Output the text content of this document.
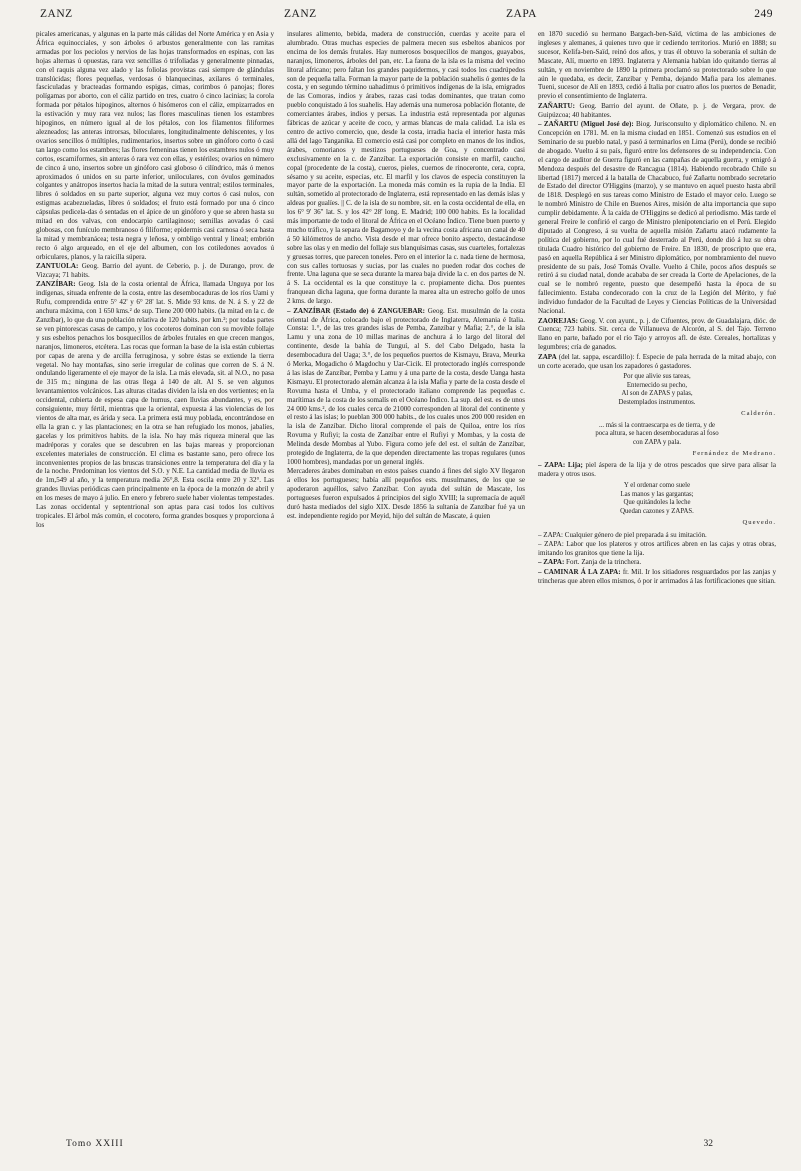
ZANZ	ZANZ	ZAPA	249

picales americanas, y algunas en la parte más cálidas del Norte América y en Asia y África equinocciales, y son árboles ó arbustos generalmente con las ramitas armadas por los peciolos y nervios de las hojas transformados en espinas, con las hojas alternas ú opuestas, rara vez sencillas ó trifoliadas y generalmente pinnadas, con el raquis alguna vez alado y las foliolas provistas casi siempre de glándulas translúcidas; flores pequeñas, verdosas ó blanquecinas, axilares ó terminales, fasciculadas y bracteadas formando espigas, cimas, corimbos ó panojas; flores polígamas por aborto, con el cáliz partido en tres, cuatro ó cinco lacinias; la corola formada por pétalos hipoginos, alternos ó hisómeros con el cáliz, empizarrados en la estivación y muy rara vez nulos; las flores masculinas tienen los estambres hipoginos, en número igual al de los pétalos, con los filamentos filiformes alezneados; las anteras introrsas, biloculares, longitudinalmente dehiscentes, y los ovarios sencillos ó múltiples, rudimentarios, insertos sobre un ginóforo corto ó casi tan largo como los estambres; las flores femeninas tienen los estambres nulos ó muy cortos, escamiformes, sin anteras ó rara vez con ellas, y estériles; ovarios en número de cinco á uno, insertos sobre un ginóforo casi globoso ó cilíndrico, más ó menos aproximados ó unidos en su parte inferior, uniloculares, con óvulos geminados colgantes y anátropos insertos hacia la mitad de la sutura ventral; estilos terminales, libres ó soldados en su parte superior, alguna vez muy cortos ó casi nulos, con estigmas acabezueladas, libres ó soldados; el fruto está formado por una ó cinco cápsulas pedicela-das ó sentadas en el ápice de un ginóforo y que se abren hasta su mitad en dos valvas, con endocarpio cartilaginoso; semillas aovadas ó casi globosas, con funículo membranoso ó filiforme; epidermis casi carnosa ó seca hasta la mitad y membranácea; testa negra y leñosa, y ombligo ventral y lineal; embrión recto ó algo arqueado, en el eje del albumen, con los cotiledones aovados ú orbiculares, planos, y la raicilla súpera.

ZANTUOLA: Geog. Barrio del ayunt. de Ceberio, p. j. de Durango, prov. de Vizcaya; 71 habits.

ZANZÍBAR: Geog. Isla de la costa oriental de África, llamada Unguya por los indígenas, situada enfrente de la costa, entre las desembocaduras de los ríos Uami y Rufu, comprendida entre 5° 42' y 6° 28' lat. S. Mide 93 kms. de N. á S. y 22 de anchura máxima, con 1 650 kms.² de sup. Tiene 200 000 habits. (la mitad en la c. de Zanzíbar), lo que da una población relativa de 120 habits. por km.²; por todas partes se ven pintorescas casas de campo, y los cocoteros dominan con su movible follaje y sus esbeltos penachos los bosquecillos de árboles frutales en que crecen mangos, naranjos, limoneros, etcétera. Las rocas que forman la base de la isla están cubiertas por capas de arena y de arcilla ferruginosa, y sobre éstas se extiende la tierra vegetal. No hay montañas, sino serie irregular de colinas que corren de S. á N. ondulando ligeramente el eje mayor de la isla. La más elevada, sit. al N.O., no pasa de 315 m.; ninguna de las otras llega á 140 de alt. Al S. se ven algunos levantamientos volcánicos. Las alturas citadas dividen la isla en dos vertientes; en la occidental, cubierta de espesa capa de humus, caen lluvias abundantes, y es, por consiguiente, muy fértil, mientras que la oriental, expuesta á las violencias de los vientos de alta mar, es árida y seca. La primera está muy poblada, encontrándose en ella la gran c. y las plantaciones; en la otra se han refugiado los monos, jabalíes, gacelas y los primitivos habits. de la isla. No hay más riqueza mineral que las madréporas y corales que se descubren en las bajas mareas y proporcionan excelentes materiales de construcción. El clima es bastante sano, pero ofrece los inconvenientes propios de las bruscas transiciones entre la temperatura del día y la de la noche. Predominan los vientos del S.O. y N.E. La cantidad media de lluvia es de 1m,549 al año, y la temperatura media 26°,8. Esta oscila entre 20 y 32°. Las grandes lluvias periódicas caen principalmente en la época de la monzón de abril y en los meses de mayo á julio. En enero y febrero suele haber violentas tempestades. Las zonas occidental y septentrional son aptas para casi todos los cultivos tropicales. El árbol más común, el cocotero, forma grandes bosques y proporciona á los

insulares alimento, bebida, madera de construcción, cuerdas y aceite para el alumbrado. Otras muchas especies de palmera mecen sus esbeltos abanicos por encima de los demás frutales. Hay numerosos bosquecillos de mangos, guayabos, naranjos, limoneros, árboles del pan, etc. La fauna de la isla es la misma del vecino litoral africano; pero faltan los grandes paquidermos, y casi todos los cuadrúpedos son de pequeña talla. Forman la mayor parte de la población suahelis ó gentes de la costa, y en segundo término uahadimus ó primitivos indígenas de la isla, emigrados de las Comoras, indios y árabes, razas casi todas dominantes, que tratan como pueblo conquistado á los suahelis. Hay además una numerosa población flotante, de comerciantes árabes, indios y persas. La industria está representada por algunas fábricas de azúcar y aceite de coco, y armas blancas de mala calidad. La isla es centro de activo comercio, que, desde la costa, irradia hacia el interior hasta más allá del lago Tanganika. El comercio está casi por completo en manos de los indios, árabes, comorianos y mestizos portugueses de Goa, y concentrado casi exclusivamente en la c. de Zanzíbar. La exportación consiste en marfil, caucho, copal (procedente de la costa), cueros, pieles, cuernos de rinoceronte, cera, copra, sésamo y su aceite, especias, etc. El marfil y los clavos de especia constituyen la mayor parte de la exportación. La moneda más común es la rupia de la India. El sultán, sometido al protectorado de Inglaterra, está representado en las demás islas y aldeas por gualíes. || C. de la isla de su nombre, sit. en la costa occidental de ella, en los 6° 9' 36" lat. S. y los 42° 28' long. E. Madrid; 100 000 habits. Es la localidad más importante de todo el litoral de África en el Océano Índico. Tiene buen puerto y mucho tráfico, y la separa de Bagamoyo y de la vecina costa africana un canal de 40 á 50 kilómetros de ancho. Vista desde el mar ofrece bonito aspecto, destacándose sobre las olas y en medio del follaje sus blanquísimas casas, sus cuarteles, fortalezas y gruesas torres, que parecen toneles. Pero en el interior la c. nada tiene de hermosa, con sus calles tortuosas y sucias, por las cuales no pueden rodar dos coches de frente. Una laguna que se seca durante la marea baja divide la c. en dos partes de N. á S. La occidental es la que constituye la c. propiamente dicha. Dos puentes franquean dicha laguna, que forma durante la marea alta un estrecho golfo de unos 2 kms. de largo.

– ZANZÍBAR (Estado de) ó ZANGUEBAR: Geog. Est. musulmán de la costa oriental de África, colocado bajo el protectorado de Inglaterra, Alemania é Italia. Consta: 1.°, de las tres grandes islas de Pemba, Zanzíbar y Mafia; 2.°, de la isla Lamu y una zona de 10 millas marinas de anchura á lo largo del litoral del continente, desde la bahía de Tunguí, al S. del Cabo Delgado, hasta la desembocadura del Uaga; 3.°, de los pequeños puertos de Kismayu, Brava, Meurka ó Merka, Mogadicho ó Magdochu y Uar-Cicik. El protectorado inglés corresponde á las islas de Zanzíbar, Pemba y Lamu y á una parte de la costa, desde Uanga hasta Kismayu. El protectorado alemán alcanza á la isla Mafia y parte de la costa desde el Rovuma hasta el Umba, y el protectorado italiano comprende las pequeñas c. marítimas de la costa de los somalís en el Océano Índico. La sup. del est. es de unos 24 000 kms.², de los cuales cerca de 21000 corresponden al litoral del continente y el resto á las islas; lo pueblan 300 000 habits., de los cuales unos 200 000 residen en la isla de Zanzíbar. Dicho litoral comprende el país de Quiloa, entre los ríos Rovuma y Rufiyi; la costa de Zanzíbar entre el Rufiyi y Mombas, y la costa de Melinda desde Mombas al Yubo. Figura como jefe del est. el sultán de Zanzíbar, protegido de Inglaterra, de la que dependen directamente las tropas regulares (unos 1000 hombres), mandadas por un general inglés.

Mercaderes árabes dominaban en estos países cuando á fines del siglo XV llegaron á ellos los portugueses; había allí pequeños ests. musulmanes, de los que se apoderaron aquéllos, salvo Zanzíbar. Con ayuda del sultán de Mascate, los portugueses fueron expulsados á principios del siglo XVIII; la supremacía de aquél duró hasta mediados del siglo XIX. Desde 1856 la sultanía de Zanzíbar fué ya un est. independiente regido por Meyid, hijo del sultán de Mascate, á quien

en 1870 sucedió su hermano Bargach-ben-Saïd, víctima de las ambiciones de ingleses y alemanes, á quienes tuvo que ir cediendo territorios. Murió en 1888; su sucesor, Kelifa-ben-Saïd, reinó dos años, y tras él obtuvo la soberanía el sultán de Mascate, Alí, muerto en 1893. Inglaterra y Alemania habían ido quitando tierras al sultán, y en noviembre de 1890 la primera proclamó su protectorado sobre lo que aún le quedaba, es decir, Zanzíbar y Pemba, dejando Mafia para los alemanes. Tueni, sucesor de Alí en 1893, cedió á Italia por cuatro años los puertos de Benadir, previo el consentimiento de Inglaterra.

ZAÑARTU: Geog. Barrio del ayunt. de Oñate, p. j. de Vergara, prov. de Guipúzcoa; 40 habitantes.

– ZAÑARTU (Miguel José de): Biog. Jurisconsulto y diplomático chileno. N. en Concepción en 1781. M. en la misma ciudad en 1851. Comenzó sus estudios en el Seminario de su pueblo natal, y pasó á terminarlos en Lima (Perú), donde se recibió de abogado. Vuelto á su país, figuró entre los defensores de su independencia. Con el cargo de auditor de Guerra figuró en las campañas de aquella guerra, y emigró á Mendoza después del desastre de Rancagua (1814). Habiendo recobrado Chile su libertad (1817) merced á la batalla de Chacabuco, fué Zañartu nombrado secretario de Estado del director O'Higgins (marzo), y se mantuvo en aquel puesto hasta abril de 1818. Desplegó en sus tareas como Ministro de Estado el mayor celo. Luego se le nombró Ministro de Chile en Buenos Aires, misión de alta importancia que supo cumplir debidamente. Á la caída de O'Higgins se dedicó al periodismo. Más tarde el general Freire le confirió el cargo de Ministro plenipotenciario en el Perú. Elegido diputado al Congreso, á su vuelta de aquella misión Zañartu atacó rudamente la política del gobierno, por lo cual fué desterrado al Perú, donde dió á luz su obra titulada Cuadro histórico del gobierno de Freire. En 1830, de proscripto que era, pasó en aquella República á ser Ministro diplomático, por nombramiento del nuevo presidente de su país, José Tomás Ovalle. Vuelto á Chile, pocos años después se retiró á su ciudad natal, donde acababa de ser creada la Corte de Apelaciones, de la cual se le nombró regente, puesto que desempeñó hasta la época de su fallecimiento. Estaba condecorado con la cruz de la Legión del Mérito, y fué individuo fundador de la Facultad de Leyes y Ciencias Políticas de la Universidad Nacional.

ZAOREJAS: Geog. V. con ayunt., p. j. de Cifuentes, prov. de Guadalajara, dióc. de Cuenca; 723 habits. Sit. cerca de Villanueva de Alcorón, al S. del Tajo. Terreno llano en parte, bañado por el río Tajo y arroyos afl. de éste. Cereales, hortalizas y legumbres; cría de ganados.

ZAPA (del lat. sappa, escardillo): f. Especie de pala herrada de la mitad abajo, con un corte acerado, que usan los zapadores ó gastadores.

Por que alivie sus tareas,
Enternecido su pecho,
Al son de ZAPAS y palas,
Destemplados instrumentos.

Calderón.

... más si la contraescarpa es de tierra, y de
poca altura, se hacen desembocaduras al foso
con ZAPA y pala.

Fernández de Medrano.

– ZAPA: Lija; piel áspera de la lija y de otros pescados que sirve para alisar la madera y otros usos.

Y el ordenar como suele
Las manos y las gargantas;
Que quitándoles la leche
Quedan cazones y ZAPAS.

Quevedo.

– ZAPA: Cualquier género de piel preparada á su imitación.

– ZAPA: Labor que los plateros y otros artífices abren en las cajas y otras obras, imitando los granitos que tiene la lija.

– ZAPA: Fort. Zanja de la trinchera.

– CAMINAR Á LA ZAPA: fr. Mil. Ir los sitiadores resguardados por las zanjas y trincheras que abren ellos mismos, ó por ir arrimados á las fortificaciones que sitian.

Tomo XXIII	32
